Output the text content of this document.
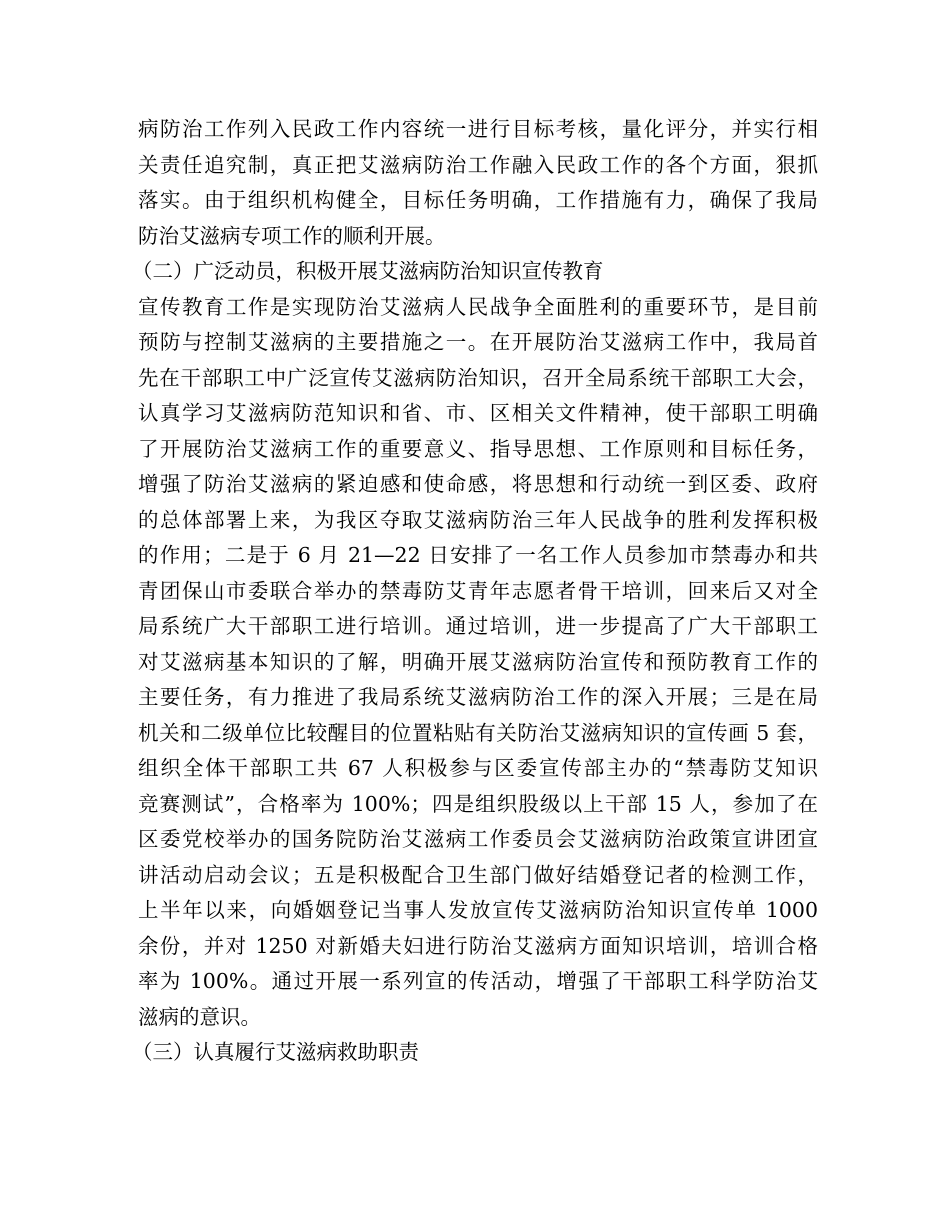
病防治工作列入民政工作内容统一进行目标考核，量化评分，并实行相
关责任追究制，真正把艾滋病防治工作融入民政工作的各个方面，狠抓
落实。由于组织机构健全，目标任务明确，工作措施有力，确保了我局
防治艾滋病专项工作的顺利开展。
（二）广泛动员，积极开展艾滋病防治知识宣传教育
宣传教育工作是实现防治艾滋病人民战争全面胜利的重要环节，是目前
预防与控制艾滋病的主要措施之一。在开展防治艾滋病工作中，我局首
先在干部职工中广泛宣传艾滋病防治知识，召开全局系统干部职工大会，
认真学习艾滋病防范知识和省、市、区相关文件精神，使干部职工明确
了开展防治艾滋病工作的重要意义、指导思想、工作原则和目标任务，
增强了防治艾滋病的紧迫感和使命感，将思想和行动统一到区委、政府
的总体部署上来，为我区夺取艾滋病防治三年人民战争的胜利发挥积极
的作用；二是于 6 月 21—22 日安排了一名工作人员参加市禁毒办和共
青团保山市委联合举办的禁毒防艾青年志愿者骨干培训，回来后又对全
局系统广大干部职工进行培训。通过培训，进一步提高了广大干部职工
对艾滋病基本知识的了解，明确开展艾滋病防治宣传和预防教育工作的
主要任务，有力推进了我局系统艾滋病防治工作的深入开展；三是在局
机关和二级单位比较醒目的位置粘贴有关防治艾滋病知识的宣传画 5 套，
组织全体干部职工共 67 人积极参与区委宣传部主办的“禁毒防艾知识
竞赛测试”，合格率为 100%；四是组织股级以上干部 15 人，参加了在
区委党校举办的国务院防治艾滋病工作委员会艾滋病防治政策宣讲团宣
讲活动启动会议；五是积极配合卫生部门做好结婚登记者的检测工作，
上半年以来，向婚姻登记当事人发放宣传艾滋病防治知识宣传单 1000
余份，并对 1250 对新婚夫妇进行防治艾滋病方面知识培训，培训合格
率为 100%。通过开展一系列宣的传活动，增强了干部职工科学防治艾
滋病的意识。
（三）认真履行艾滋病救助职责
